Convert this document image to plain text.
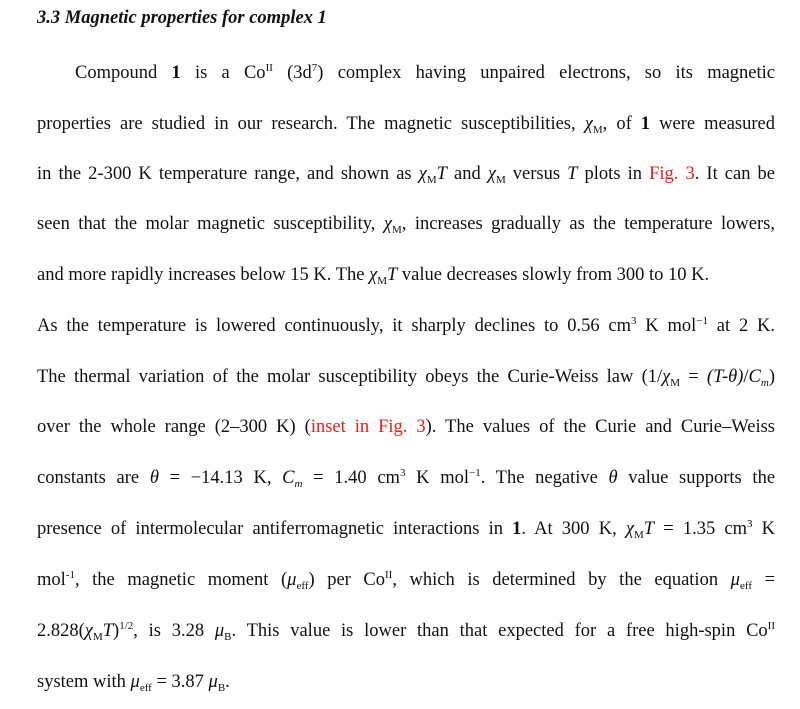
3.3 Magnetic properties for complex 1
Compound 1 is a $Co^{II}$ $(3d^7)$ complex having unpaired electrons, so its magnetic
properties are studied in our research. The magnetic susceptibilities, $\chi_M$, of 1 were measured
in the 2-300 K temperature range, and shown as $\chi_MT$ and $\chi_M$ versus T plots in Fig. 3. It can be
seen that the molar magnetic susceptibility, $\chi_M$, increases gradually as the temperature lowers,
and more rapidly increases below 15 K. The $\chi_MT$ value decreases slowly from 300 to 10 K.
As the temperature is lowered continuously, it sharply declines to 0.56 $cm^3$ K mol$^{-1}$ at 2 K.
The thermal variation of the molar susceptibility obeys the Curie-Weiss law $(1/\chi_M = (T-\theta)/C_m)$
over the whole range (2–300 K) (inset in Fig. 3). The values of the Curie and Curie–Weiss
constants are θ = −14.13 K, $C_m = 1.40$ $cm^3$ K mol$^{-1}$. The negative θ value supports the
presence of intermolecular antiferromagnetic interactions in 1. At 300 K, $\chi_MT = 1.35$ $cm^3$ K
mol$^{-1}$, the magnetic moment $(\mu_{eff})$ per $Co^{II}$, which is determined by the equation $\mu_{eff}$ =
$2.828(\chi_MT)^{1/2}$, is 3.28 $\mu_B$. This value is lower than that expected for a free high-spin $Co^{II}$
system with $\mu_{eff} = 3.87$ $\mu_B$.
